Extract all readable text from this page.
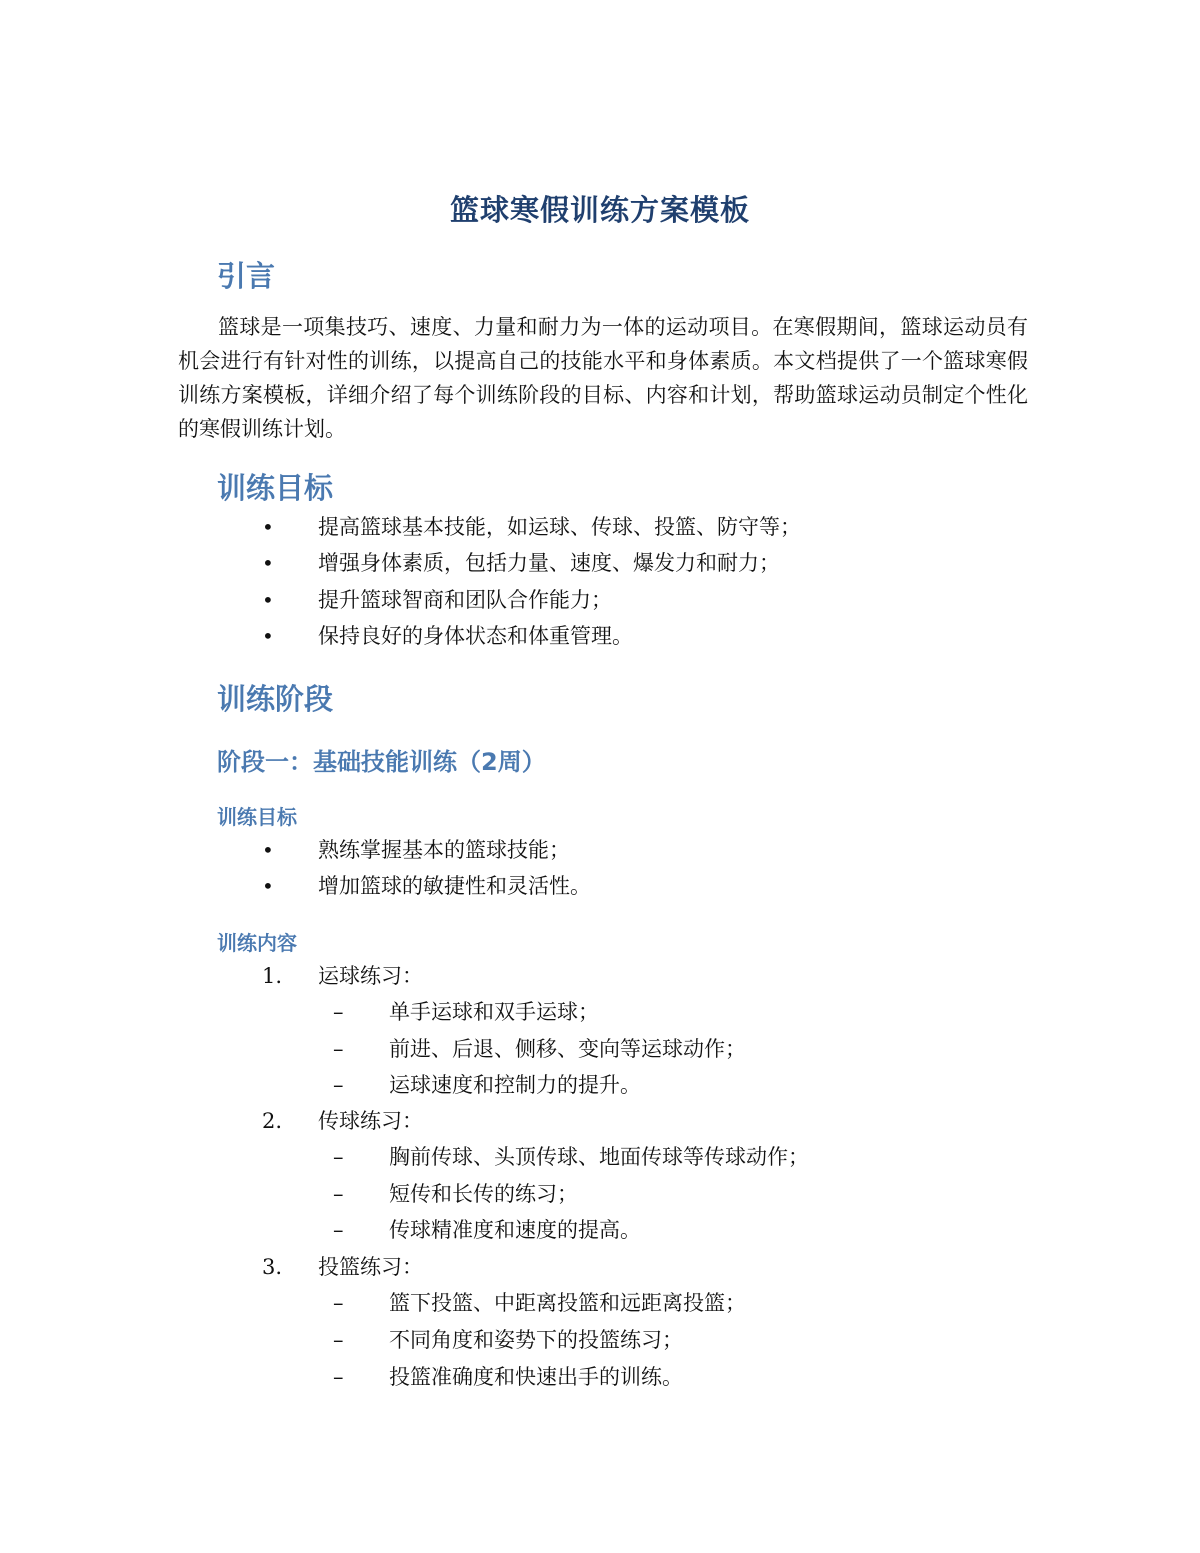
篮球寒假训练方案模板
引言
篮球是一项集技巧、速度、力量和耐力为一体的运动项目。在寒假期间，篮球运动员有机会进行有针对性的训练，以提高自己的技能水平和身体素质。本文档提供了一个篮球寒假训练方案模板，详细介绍了每个训练阶段的目标、内容和计划，帮助篮球运动员制定个性化的寒假训练计划。
训练目标
• 提高篮球基本技能，如运球、传球、投篮、防守等；
• 增强身体素质，包括力量、速度、爆发力和耐力；
• 提升篮球智商和团队合作能力；
• 保持良好的身体状态和体重管理。
训练阶段
阶段一：基础技能训练（2周）
训练目标
• 熟练掌握基本的篮球技能；
• 增加篮球的敏捷性和灵活性。
训练内容
1. 运球练习：
– 单手运球和双手运球；
– 前进、后退、侧移、变向等运球动作；
– 运球速度和控制力的提升。
2. 传球练习：
– 胸前传球、头顶传球、地面传球等传球动作；
– 短传和长传的练习；
– 传球精准度和速度的提高。
3. 投篮练习：
– 篮下投篮、中距离投篮和远距离投篮；
– 不同角度和姿势下的投篮练习；
– 投篮准确度和快速出手的训练。
